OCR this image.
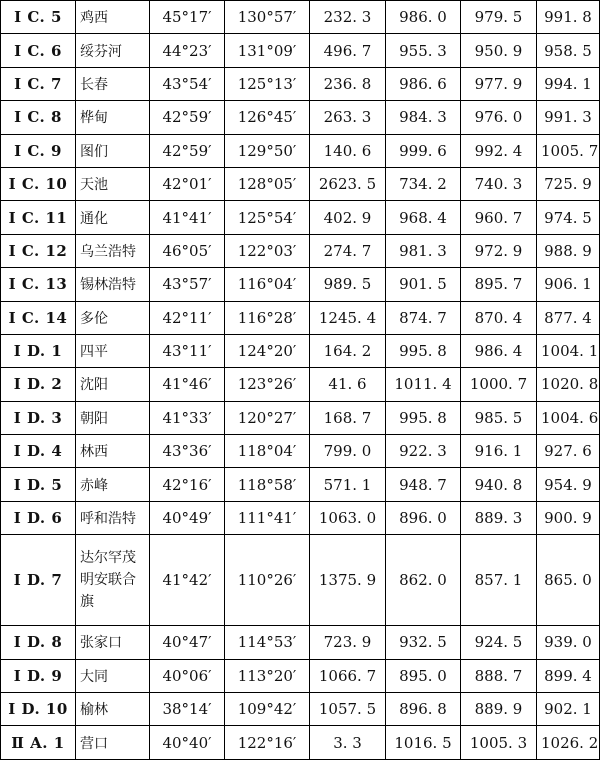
I C. 5	鸡西	45°17′	130°57′	232. 3	986. 0	979. 5	991. 8
I C. 6	绥芬河	44°23′	131°09′	496. 7	955. 3	950. 9	958. 5
I C. 7	长春	43°54′	125°13′	236. 8	986. 6	977. 9	994. 1
I C. 8	桦甸	42°59′	126°45′	263. 3	984. 3	976. 0	991. 3
I C. 9	图们	42°59′	129°50′	140. 6	999. 6	992. 4	1005. 7
I C. 10	天池	42°01′	128°05′	2623. 5	734. 2	740. 3	725. 9
I C. 11	通化	41°41′	125°54′	402. 9	968. 4	960. 7	974. 5
I C. 12	乌兰浩特	46°05′	122°03′	274. 7	981. 3	972. 9	988. 9
I C. 13	锡林浩特	43°57′	116°04′	989. 5	901. 5	895. 7	906. 1
I C. 14	多伦	42°11′	116°28′	1245. 4	874. 7	870. 4	877. 4
I D. 1	四平	43°11′	124°20′	164. 2	995. 8	986. 4	1004. 1
I D. 2	沈阳	41°46′	123°26′	41. 6	1011. 4	1000. 7	1020. 8
I D. 3	朝阳	41°33′	120°27′	168. 7	995. 8	985. 5	1004. 6
I D. 4	林西	43°36′	118°04′	799. 0	922. 3	916. 1	927. 6
I D. 5	赤峰	42°16′	118°58′	571. 1	948. 7	940. 8	954. 9
I D. 6	呼和浩特	40°49′	111°41′	1063. 0	896. 0	889. 3	900. 9
I D. 7	达尔罕茂明安联合旗	41°42′	110°26′	1375. 9	862. 0	857. 1	865. 0
I D. 8	张家口	40°47′	114°53′	723. 9	932. 5	924. 5	939. 0
I D. 9	大同	40°06′	113°20′	1066. 7	895. 0	888. 7	899. 4
I D. 10	榆林	38°14′	109°42′	1057. 5	896. 8	889. 9	902. 1
Ⅱ A. 1	营口	40°40′	122°16′	3. 3	1016. 5	1005. 3	1026. 2
